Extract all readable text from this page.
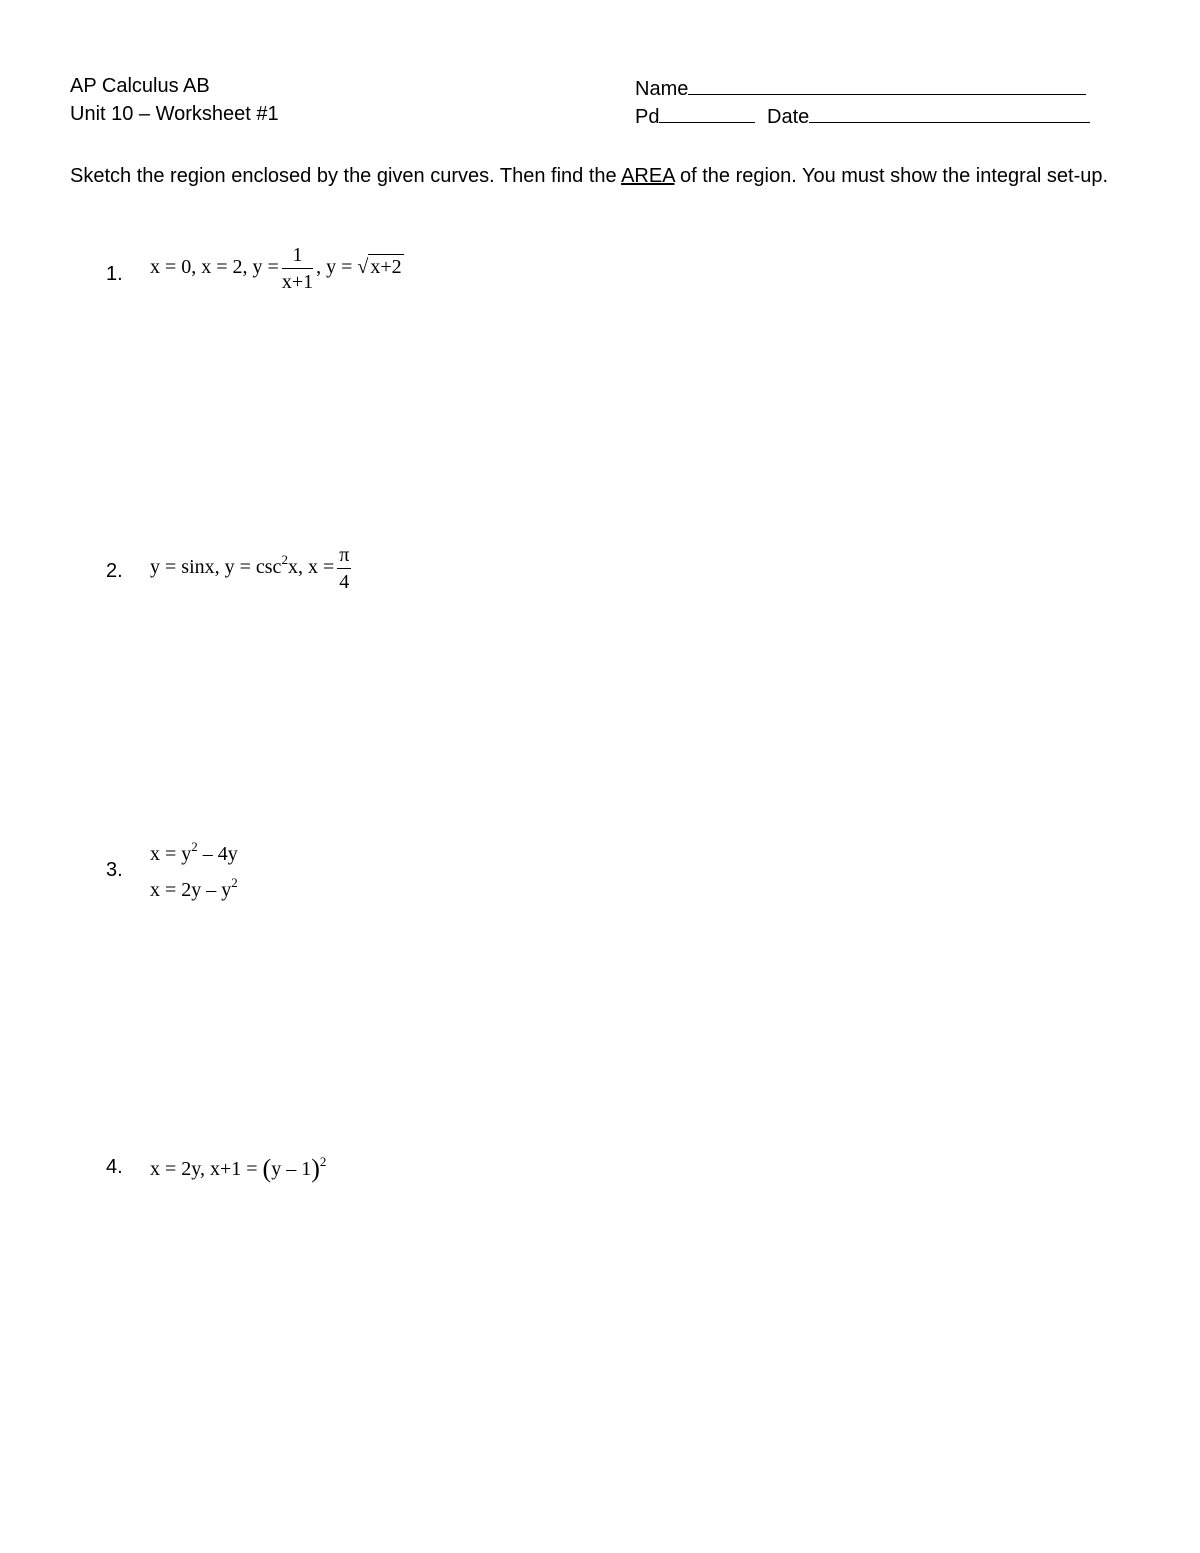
AP Calculus AB
Unit 10 – Worksheet #1
Name
Pd	Date
Sketch the region enclosed by the given curves. Then find the AREA of the region. You must show the integral set-up.
1. x = 0, x = 2, $y = \frac{1}{x+1}$ , y = √ x+2
2. y = sinx, $y = \csc^2x$, $x = \frac{\pi}{4}$
3.
$x = y^2 - 4y$
$x = 2y - y^2$
4. x = 2y, x+1 = (y – 1)$^2$
